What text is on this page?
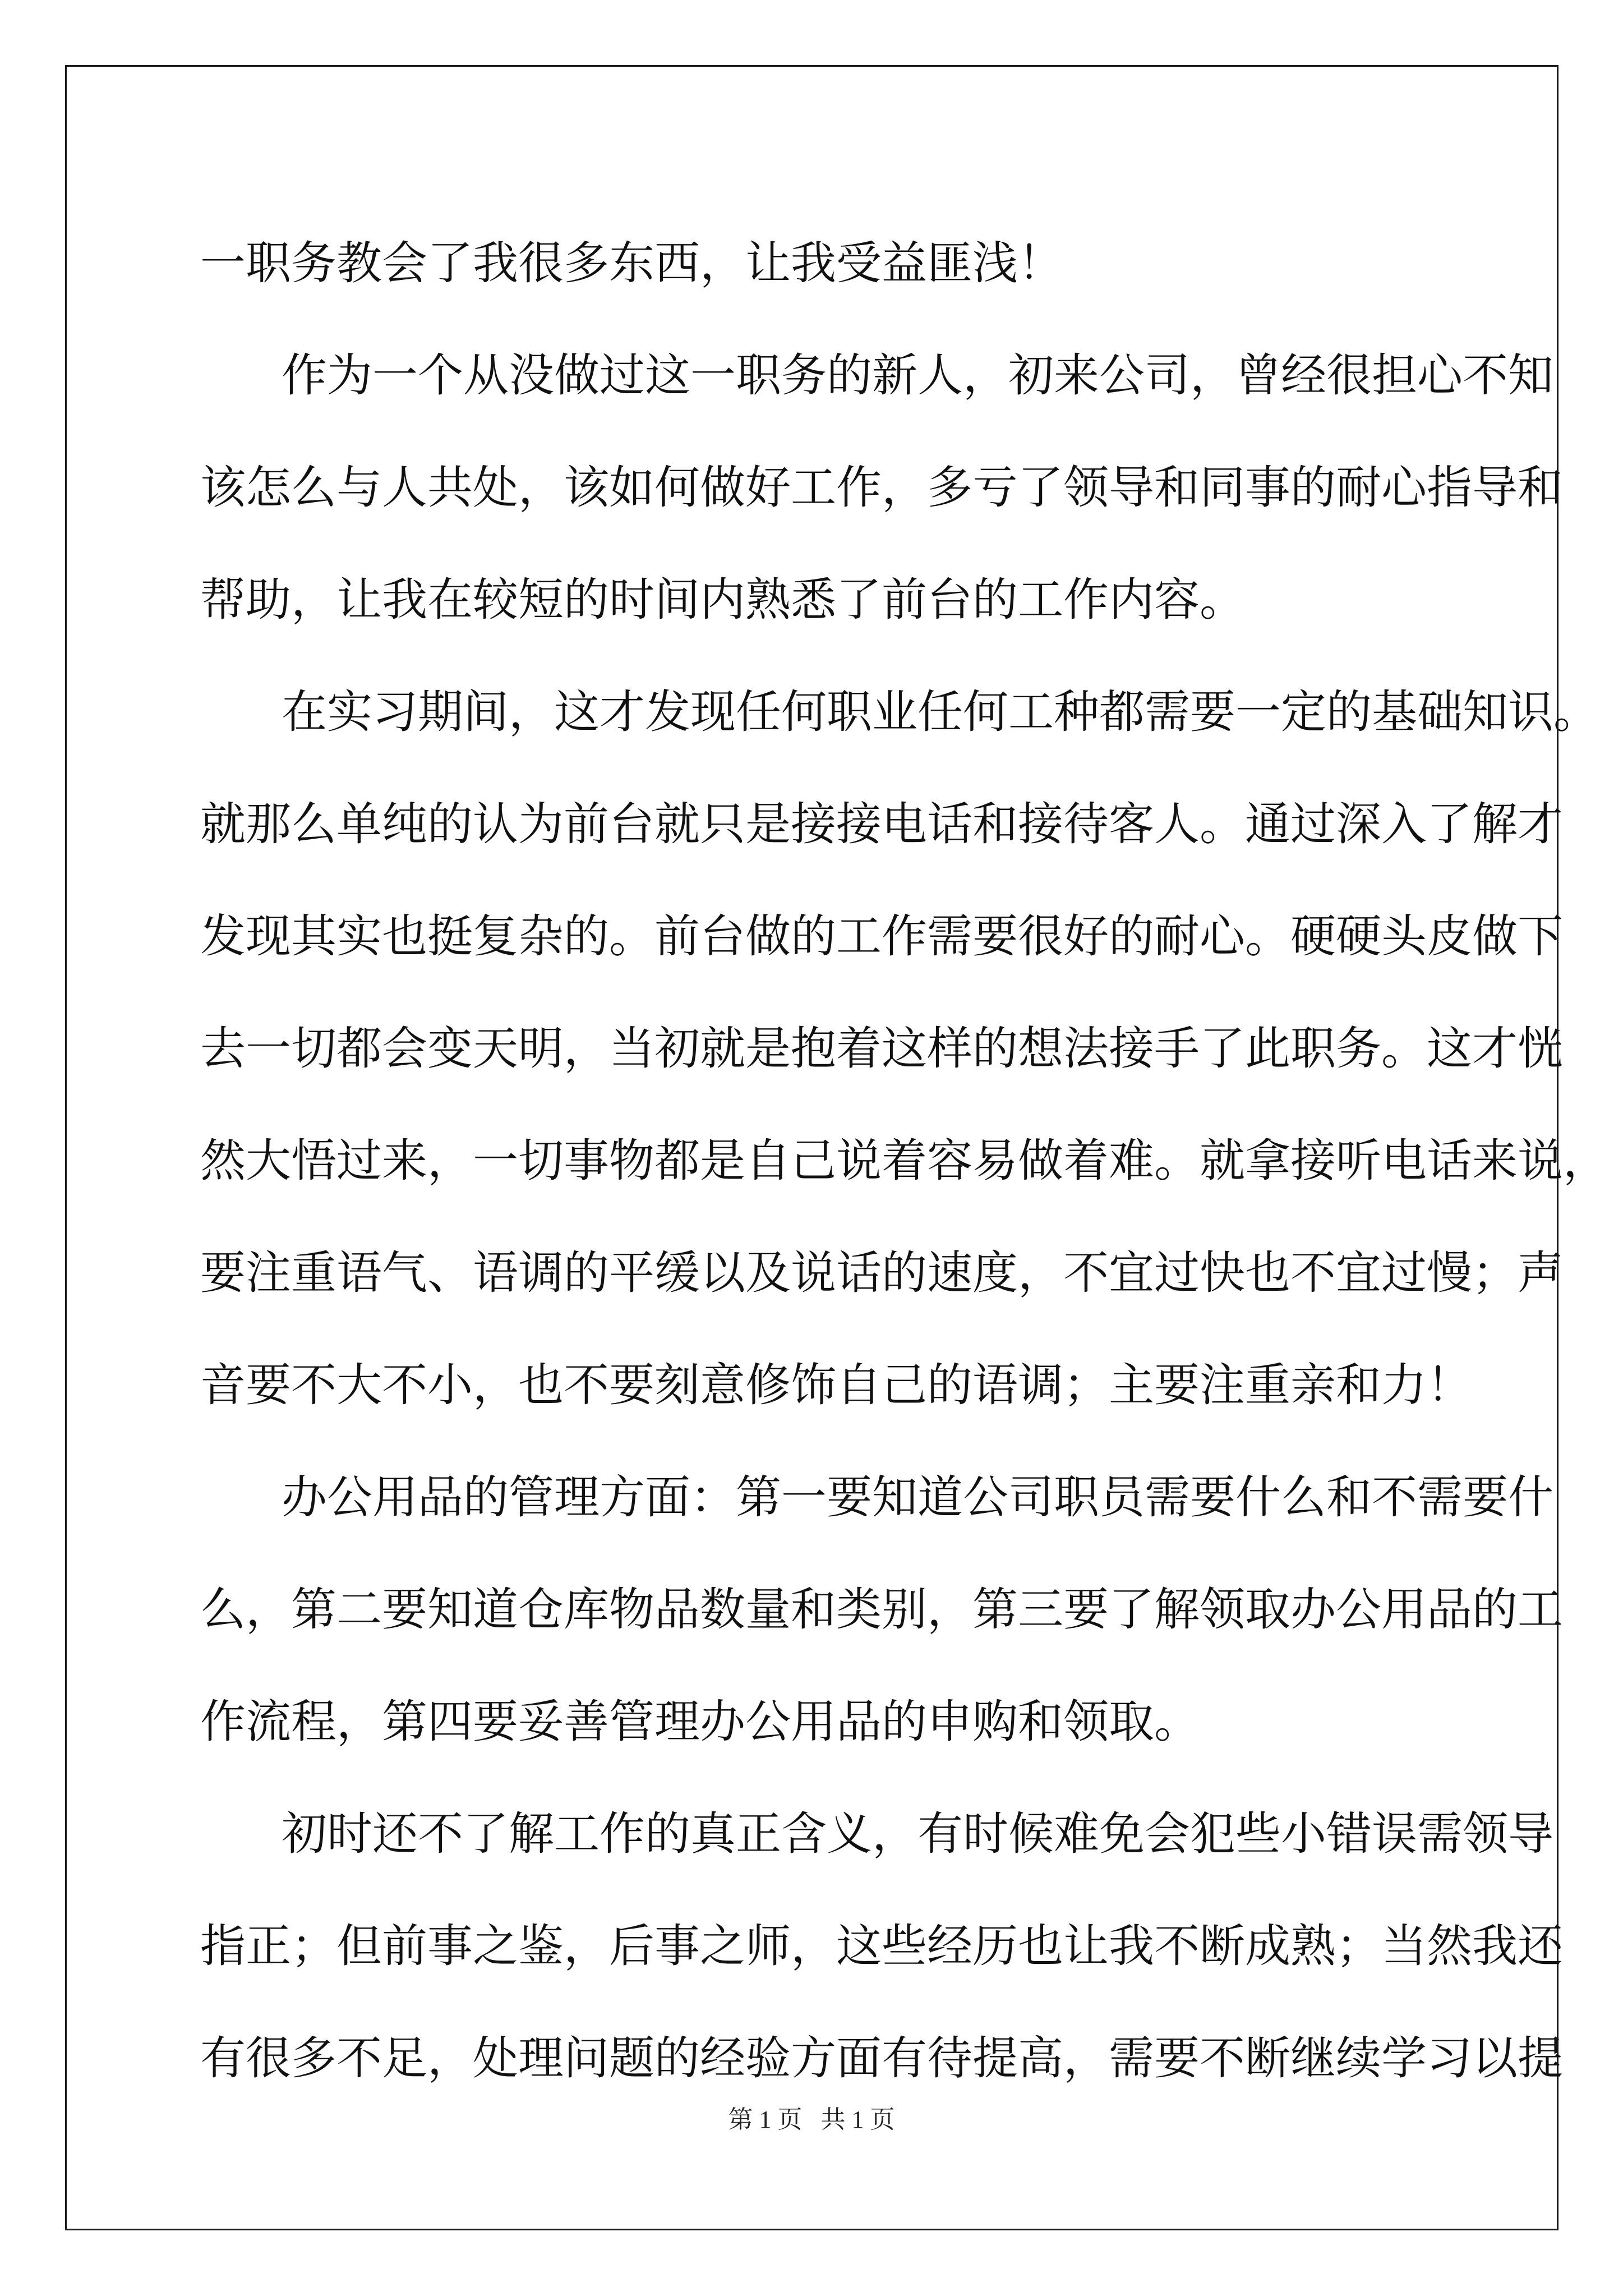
一职务教会了我很多东西，让我受益匪浅！
作为一个从没做过这一职务的新人，初来公司，曾经很担心不知
该怎么与人共处，该如何做好工作，多亏了领导和同事的耐心指导和
帮助，让我在较短的时间内熟悉了前台的工作内容。
在实习期间，这才发现任何职业任何工种都需要一定的基础知识。
就那么单纯的认为前台就只是接接电话和接待客人。通过深入了解才
发现其实也挺复杂的。前台做的工作需要很好的耐心。硬硬头皮做下
去一切都会变天明，当初就是抱着这样的想法接手了此职务。这才恍
然大悟过来，一切事物都是自己说着容易做着难。就拿接听电话来说，
要注重语气、语调的平缓以及说话的速度，不宜过快也不宜过慢；声
音要不大不小，也不要刻意修饰自己的语调；主要注重亲和力！
办公用品的管理方面：第一要知道公司职员需要什么和不需要什
么，第二要知道仓库物品数量和类别，第三要了解领取办公用品的工
作流程，第四要妥善管理办公用品的申购和领取。
初时还不了解工作的真正含义，有时候难免会犯些小错误需领导
指正；但前事之鉴，后事之师，这些经历也让我不断成熟；当然我还
有很多不足，处理问题的经验方面有待提高，需要不断继续学习以提
第 1 页   共 1 页
